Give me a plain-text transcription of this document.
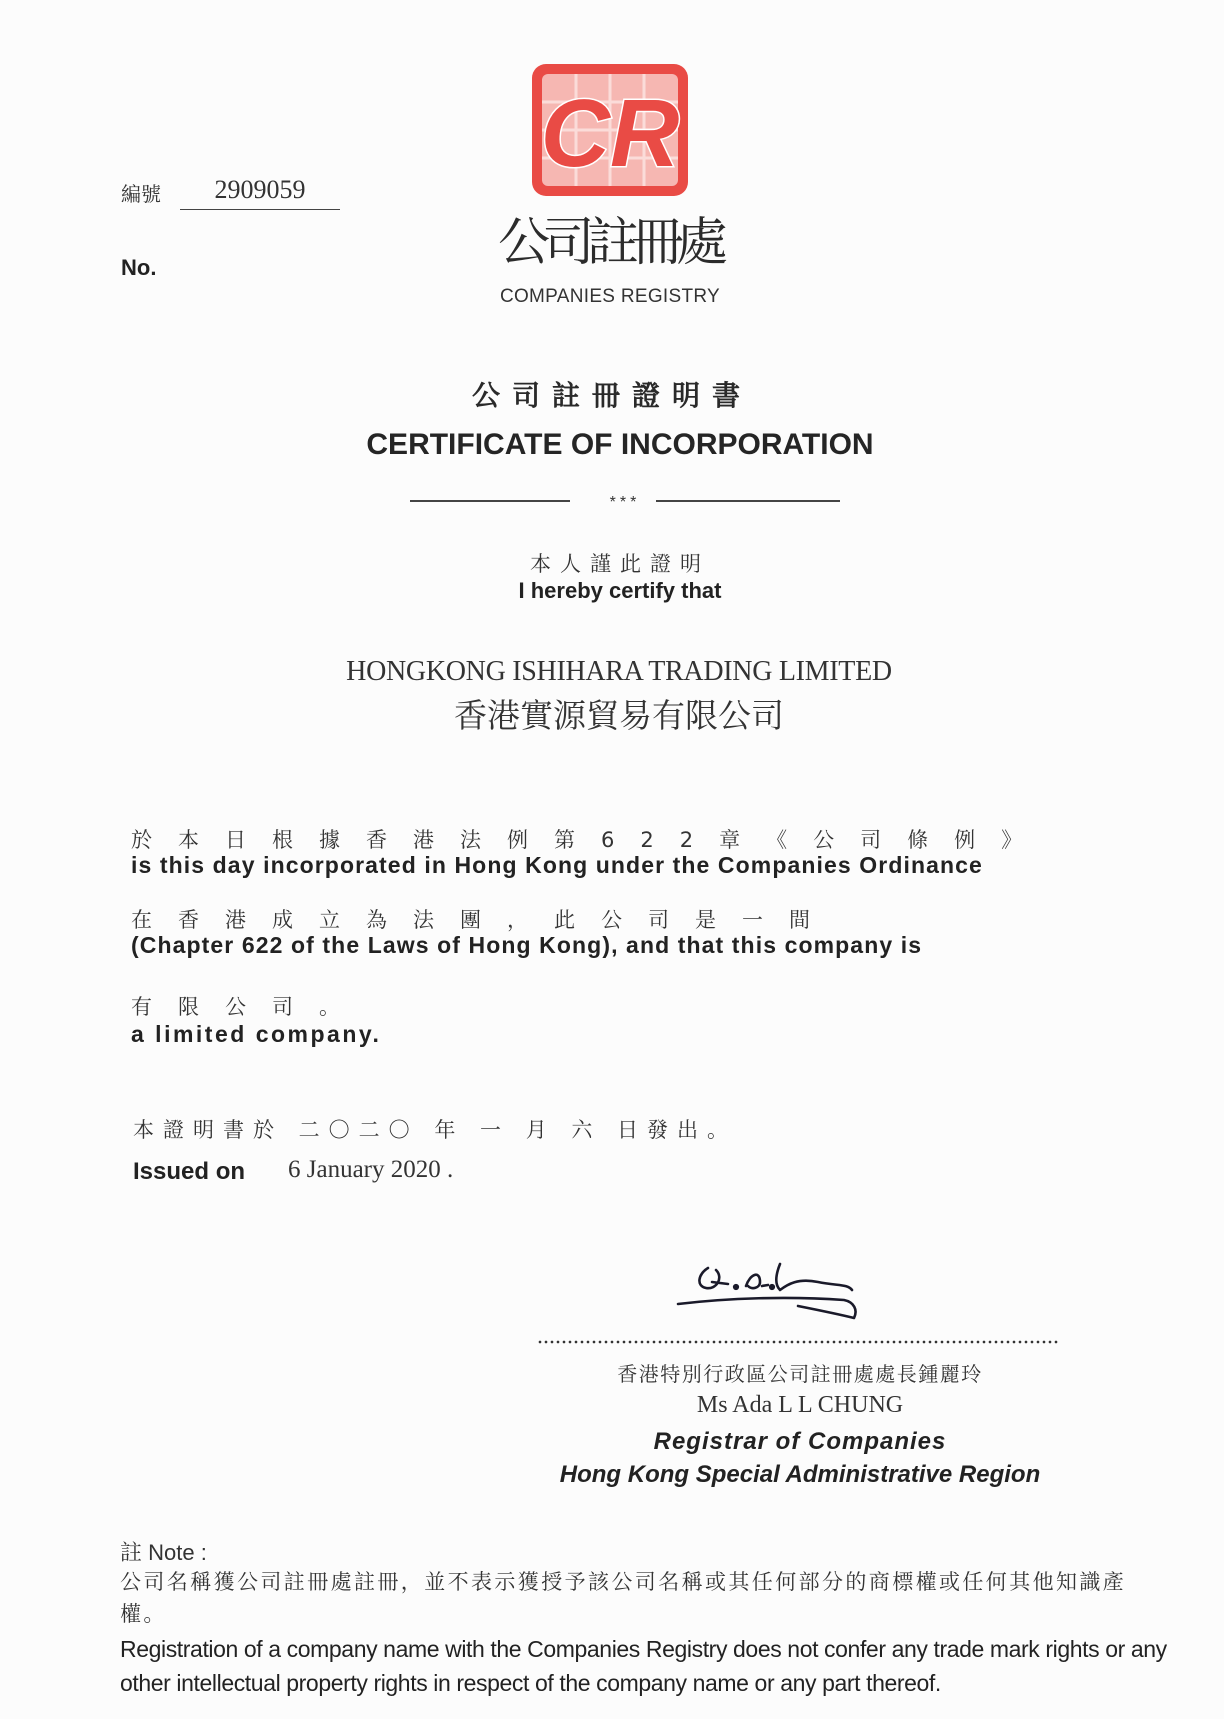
編號	2909059
No.
CR
公司註冊處
COMPANIES REGISTRY
公司註冊證明書
CERTIFICATE OF INCORPORATION
***
本人謹此證明
I hereby certify that
HONGKONG ISHIHARA TRADING LIMITED
香港實源貿易有限公司
於本日根據香港法例第622章《公司條例》
is this day incorporated in Hong Kong under the Companies Ordinance
在香港成立為法團，此公司是一間
(Chapter 622 of the Laws of Hong Kong), and that this company is
有限公司。
a limited company.
本證明書於 二〇二〇 年 一 月 六 日發出。
Issued on 6 January 2020 .
香港特別行政區公司註冊處處長鍾麗玲
Ms Ada L L CHUNG
Registrar of Companies
Hong Kong Special Administrative Region
註 Note :
公司名稱獲公司註冊處註冊，並不表示獲授予該公司名稱或其任何部分的商標權或任何其他知識產權。
Registration of a company name with the Companies Registry does not confer any trade mark rights or any other intellectual property rights in respect of the company name or any part thereof.
